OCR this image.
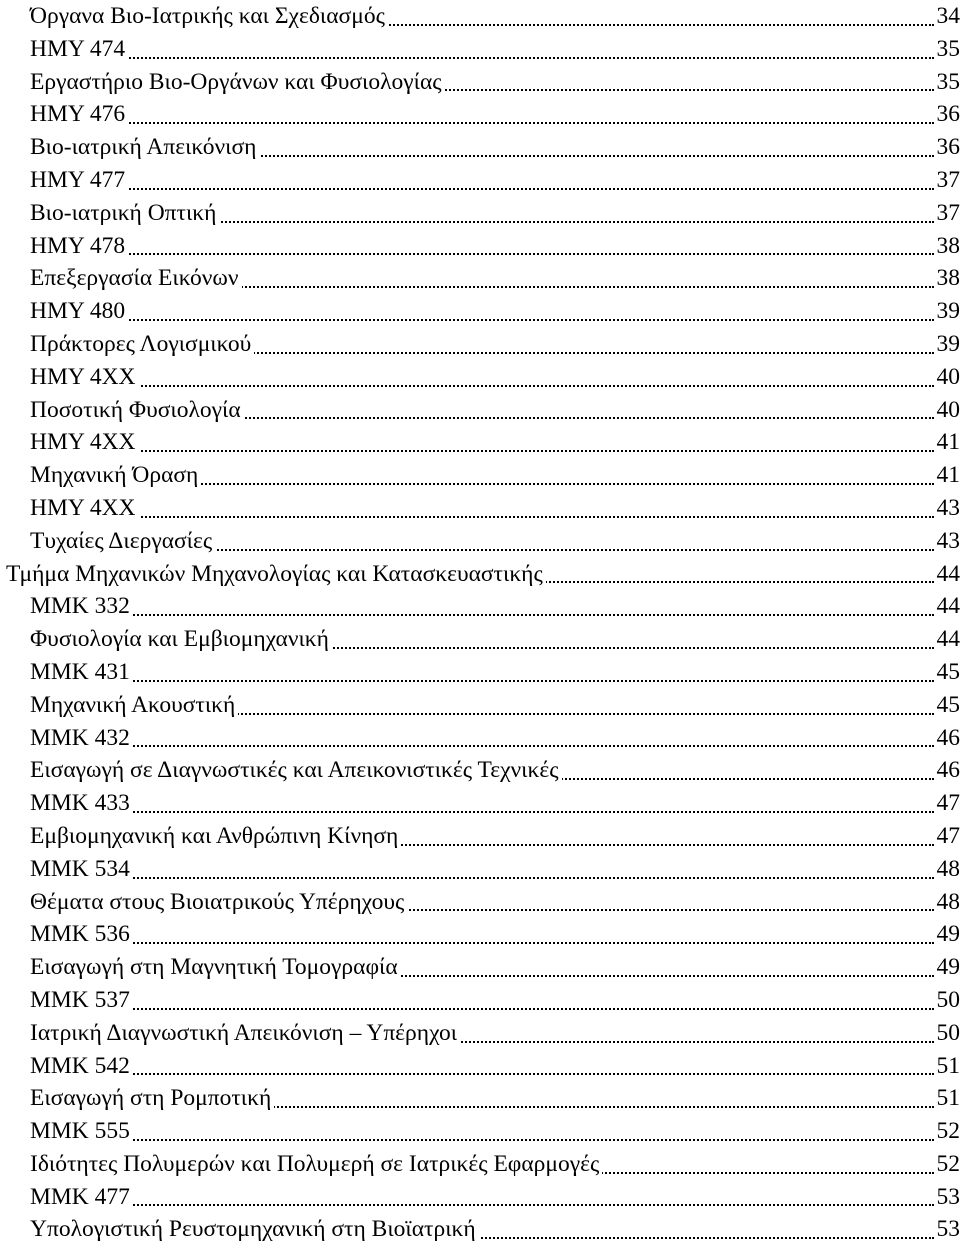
Όργανα Βιο-Ιατρικής και Σχεδιασμός	34
ΗΜΥ 474	35
Εργαστήριο Βιο-Οργάνων και Φυσιολογίας	35
ΗΜΥ 476	36
Βιο-ιατρική Απεικόνιση	36
ΗΜΥ 477	37
Βιο-ιατρική Οπτική	37
ΗΜΥ 478	38
Επεξεργασία Εικόνων	38
ΗΜΥ 480	39
Πράκτορες Λογισμικού	39
ΗΜΥ 4ΧΧ	40
Ποσοτική Φυσιολογία	40
ΗΜΥ 4ΧΧ	41
Μηχανική Όραση	41
ΗΜΥ 4ΧΧ	43
Τυχαίες Διεργασίες	43
Τμήμα Μηχανικών Μηχανολογίας και Κατασκευαστικής	44
ΜΜΚ 332	44
Φυσιολογία και Εμβιομηχανική	44
ΜΜΚ 431	45
Μηχανική Ακουστική	45
ΜΜΚ 432	46
Εισαγωγή σε Διαγνωστικές και Απεικονιστικές Τεχνικές	46
ΜΜΚ 433	47
Εμβιομηχανική και Ανθρώπινη Κίνηση	47
ΜΜΚ 534	48
Θέματα στους Βιοιατρικούς Υπέρηχους	48
ΜΜΚ 536	49
Εισαγωγή στη Μαγνητική Τομογραφία	49
ΜΜΚ 537	50
Ιατρική Διαγνωστική Απεικόνιση – Υπέρηχοι	50
ΜΜΚ 542	51
Εισαγωγή στη Ρομποτική	51
ΜΜΚ 555	52
Ιδιότητες Πολυμερών και Πολυμερή σε Ιατρικές Εφαρμογές	52
ΜΜΚ 477	53
Υπολογιστική Ρευστομηχανική στη Βιοϊατρική	53
